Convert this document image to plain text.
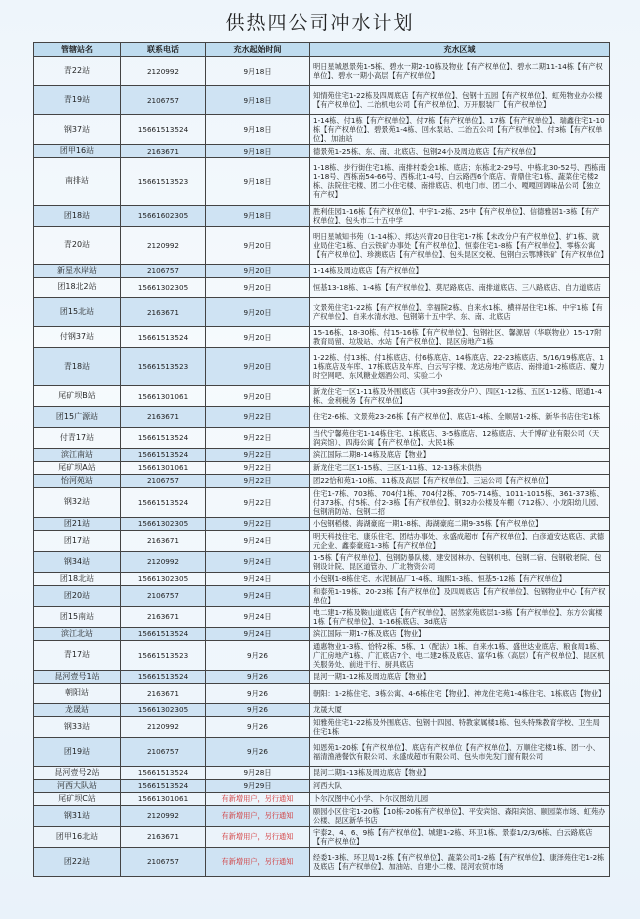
供热四公司冲水计划
管辖站名	联系电话	充水起始时间	充水区域
青22站	2120992	9月18日	明日星城恩景苑1-5栋、碧水一期2-10栋及物业【有产权单位】、碧水二期11-14栋【有产权单位】、碧水一期小高层【有产权单位】
青19站	2106757	9月18日	知情苑住宅1-22栋及四周底店【有产权单位】、包钢十五园【有产权单位】、虹苑物业办公楼【有产权单位】、二治机电公司【有产权单位】、万开服装厂【有产权单位】
钢37站	15661513524	9月18日	1-14栋、付1栋【有产权单位】、付7栋【有产权单位】、17栋【有产权单位】、瑞鑫住宅1-10栋【有产权单位】、碧景苑1-4栋、回水泵站、二治五公司【有产权单位】、付3栋【有产权单位】、加油站
团甲16站	2163671	9月18日	德景苑1-25栋、东、南、北底店、包钢24小及周边底店【有产权单位】
南排站	15661513523	9月18日	1-18栋、步行街住宅1栋、南排村委会1栋、底店；东栋北2-29号、中栋北30-52号、西栋南1-18号、西栋南54-66号、西栋北1-4号、白云路西6个底店、青鼎住宅1栋、蔬菜住宅楼2栋、法院住宅楼、团二小住宅楼、南排底店、机电门市、团二小、嘎嘎回调味品公司【独立有产权】
团18站	15661602305	9月18日	胜利佳园1-16栋【有产权单位】、中宇1-2栋、25中【有产权单位】、信德雅居1-3栋【有产权单位】、包头市二十五中学
青20站	2120992	9月20日	明日星城知书苑（1-14栋）、邦达兴青20日住宅1-7栋【未改分户有产权单位】、扩1栋、就业局住宅1栋、白云铁矿办事处【有产权单位】、恒泰住宅1-8栋【有产权单位】、零栋公寓【有产权单位】、珍澳底店【有产权单位】、包头昆区交税、包钢白云鄂博铁矿【有产权单位】
新星水岸站	2106757	9月20日	1-14栋及周边底店【有产权单位】
团18北2站	15661302305	9月20日	恒基13-18栋、1-4栋【有产权单位】、莫尼路底店、南排道底店、三八路底店、自力道底店
团15北站	2163671	9月20日	文景苑住宅1-22栋【有产权单位】、幸福院2栋、自来水1栋、横祥居住宅1栋、中宇1栋【有产权单位】、自来水清水池、包钢第十五中学、东、南、北底店
付钢37站	15661513524	9月20日	15-16栋、18-30栋、付15-16栋【有产权单位】、包钢社区、馨源居（华联物业）15-17附教育局留、垃圾站、水站【有产权单位】、昆区房地产1栋
青18站	15661513523	9月20日	1-22栋、付13栋、付1栋底店、付6栋底店、14栋底店、22-23栋底店、5/16/19栋底店、11栋底店及车库、17栋底店及车库、白云写字楼、龙达房地产底店、南排道1-2栋底店、魔力时空网吧、东风糖业烟酒公司、实验二小
尾矿坝B站	15661301061	9月20日	新龙住宅一区1-11栋及外围底店（其中39套改分户）、四区1-12栋、五区1-12栋、昭通1-4栋、金利税务【有产权单位】
团15广源站	2163671	9月22日	住宅2-6栋、文景苑23-26栋【有产权单位】、底店1-4栋、全顺居1-2栋、新华书店住宅1栋
付青17站	15661513524	9月22日	当代宁馨苑住宅1-14栋住宅、1栋底店、3-5栋底店、12栋底店、大千博矿业有限公司（天润宾馆）、四海公寓【有产权单位】、大民1栋
滨江南站	15661513524	9月22日	滨江国际二期8-14栋及底店【物业】
尾矿坝A站	15661301061	9月22日	新龙住宅二区1-15栋、三区1-11栋、12-13栋未供热
怡河苑站	2106757	9月22日	团22恰和苑1-10栋、11栋及高层【有产权单位】、三运公司【有产权单位】
钢32站	15661513524	9月22日	住宅1-7栋、703栋、704付1栋、704付2栋、705-714栋、1011-1015栋、361-373栋、付373栋、付5栋、付2-3栋【有产权单位】、钢32办公楼及车棚（712栋）、小龙阳幼儿园、包钢消防站、包钢二招
团21站	15661302305	9月22日	小包钢稻楼、海湖豪庭一期1-8栋、海湖豪庭二期9-35栋【有产权单位】
团17站	2163671	9月24日	明天科技住宅、康乐住宅、团结办事处、永盛成超市【有产权单位】、白彦道安达底店、武德元企业、鑫泰豪庭1-3栋【有产权单位】
钢34站	2120992	9月24日	1-5栋【有产权单位】、包钢防暴队楼、建安园林办、包钢机电、包钢二宿、包钢敬老院、包钢设计院、昆区道管办、广北物资公司
团18北站	15661302305	9月24日	小包钢1-8栋住宅、水泥制品厂1-4栋、瑞熙1-3栋、恒基5-12栋【有产权单位】
团20站	2106757	9月24日	和泰苑1-19栋、20-23栋【有产权单位】及四周底店【有产权单位】、包钢物业中心【有产权单位】
团15南站	2163671	9月24日	电二建1-7栋及鞍山道底店【有产权单位】、居然家苑底层1-3栋【有产权单位】、东方公寓楼1栋【有产权单位】、1-16栋底店、3d底店
滨江北站	15661513524	9月24日	滨江国际一期1-7栋及底店【物业】
青17站	15661513523	9月26	通惠物业1-3栋、恰特2栋、5栋、1（配法）1栋、自来水1栋、盛世达业底店、粮食局1栋、广汇房地产1栋、广汇底店7个、电二建2栋及底店、富华1栋（高层）【有产权单位】、昆区机关服务处、前进干行、厨具底店
昆河壹号1站	15661513524	9月26	昆河一期1-12栋及周边底店【物业】
朝阳站	2163671	9月26	朝阳：1-2栋住宅、3栋公寓、4-6栋住宅【物业】、神龙住宅苑1-4栋住宅、1栋底店【物业】
龙晟站	15661302305	9月26	龙晟大厦
钢33站	2120992	9月26	知雅苑住宅1-22栋及外围底店、包钢十四园、特教家属楼1栋、包头特殊教育学校、卫生局住宅1栋
团19站	2106757	9月26	知恩苑1-20栋【有产权单位】、底店有产权单位【有产权单位】、万顺住宅楼1栋、团一小、福清渔港餐饮有限公司、永盛成超市有限公司、包头市先发门窗有限公司
昆河壹号2站	15661513524	9月28日	昆河二期1-13栋及周边底店【物业】
河西大队站	15661513524	9月29日	河西大队
尾矿坝C站	15661301061	有新增用户，另行通知	卜尔汉图中心小学、卜尔汉图幼儿园
钢31站	2120992	有新增用户，另行通知	颐园小区住宅1-20栋【10栋-20栋有产权单位】、平安宾馆、森阳宾馆、颐园菜市场、虹苑办公楼、昆区新华书店
团甲16北站	2163671	有新增用户，另行通知	宇泰2、4、6、9栋【有产权单位】、城建1-2栋、环卫1栋、景泰1/2/3/6栋、白云路底店【有产权单位】
团22站	2106757	有新增用户，另行通知	经委1-3栋、环卫局1-2栋【有产权单位】、蔬菜公司1-2栋【有产权单位】、康泽苑住宅1-2栋及底店【有产权单位】、加油站、自建小二楼、昆河农贸市场
